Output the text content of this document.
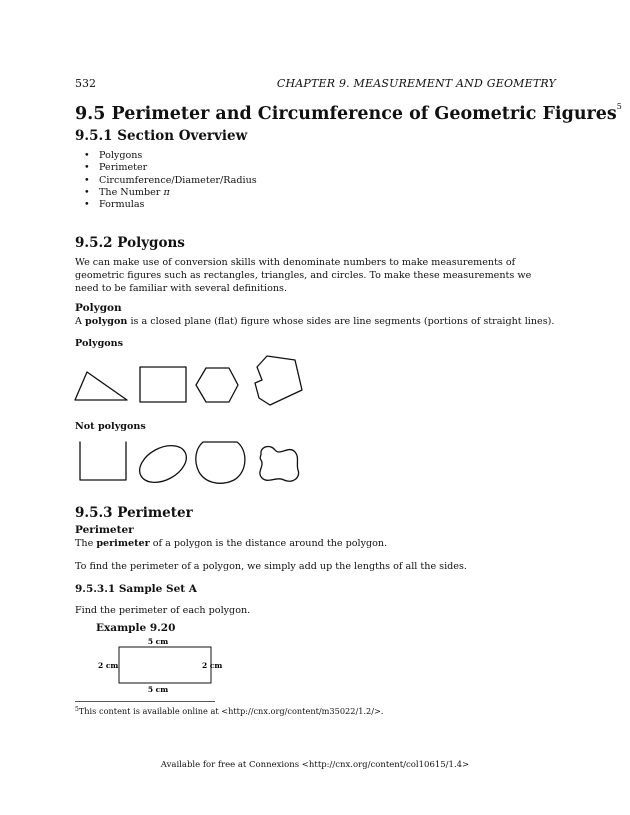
532	CHAPTER 9. MEASUREMENT AND GEOMETRY
9.5 Perimeter and Circumference of Geometric Figures$^5$
9.5.1 Section Overview
• Polygons
• Perimeter
• Circumference/Diameter/Radius
• The Number π
• Formulas
9.5.2 Polygons
We can make use of conversion skills with denominate numbers to make measurements of geometric figures such as rectangles, triangles, and circles. To make these measurements we need to be familiar with several definitions.
Polygon
A polygon is a closed plane (flat) figure whose sides are line segments (portions of straight lines).
Polygons
Not polygons
9.5.3 Perimeter
Perimeter
The perimeter of a polygon is the distance around the polygon.
To find the perimeter of a polygon, we simply add up the lengths of all the sides.
9.5.3.1 Sample Set A
Find the perimeter of each polygon.
Example 9.20
5 cm
5 cm
2 cm	2 cm
$^5$This content is available online at <http://cnx.org/content/m35022/1.2/>.
Available for free at Connexions <http://cnx.org/content/col10615/1.4>
